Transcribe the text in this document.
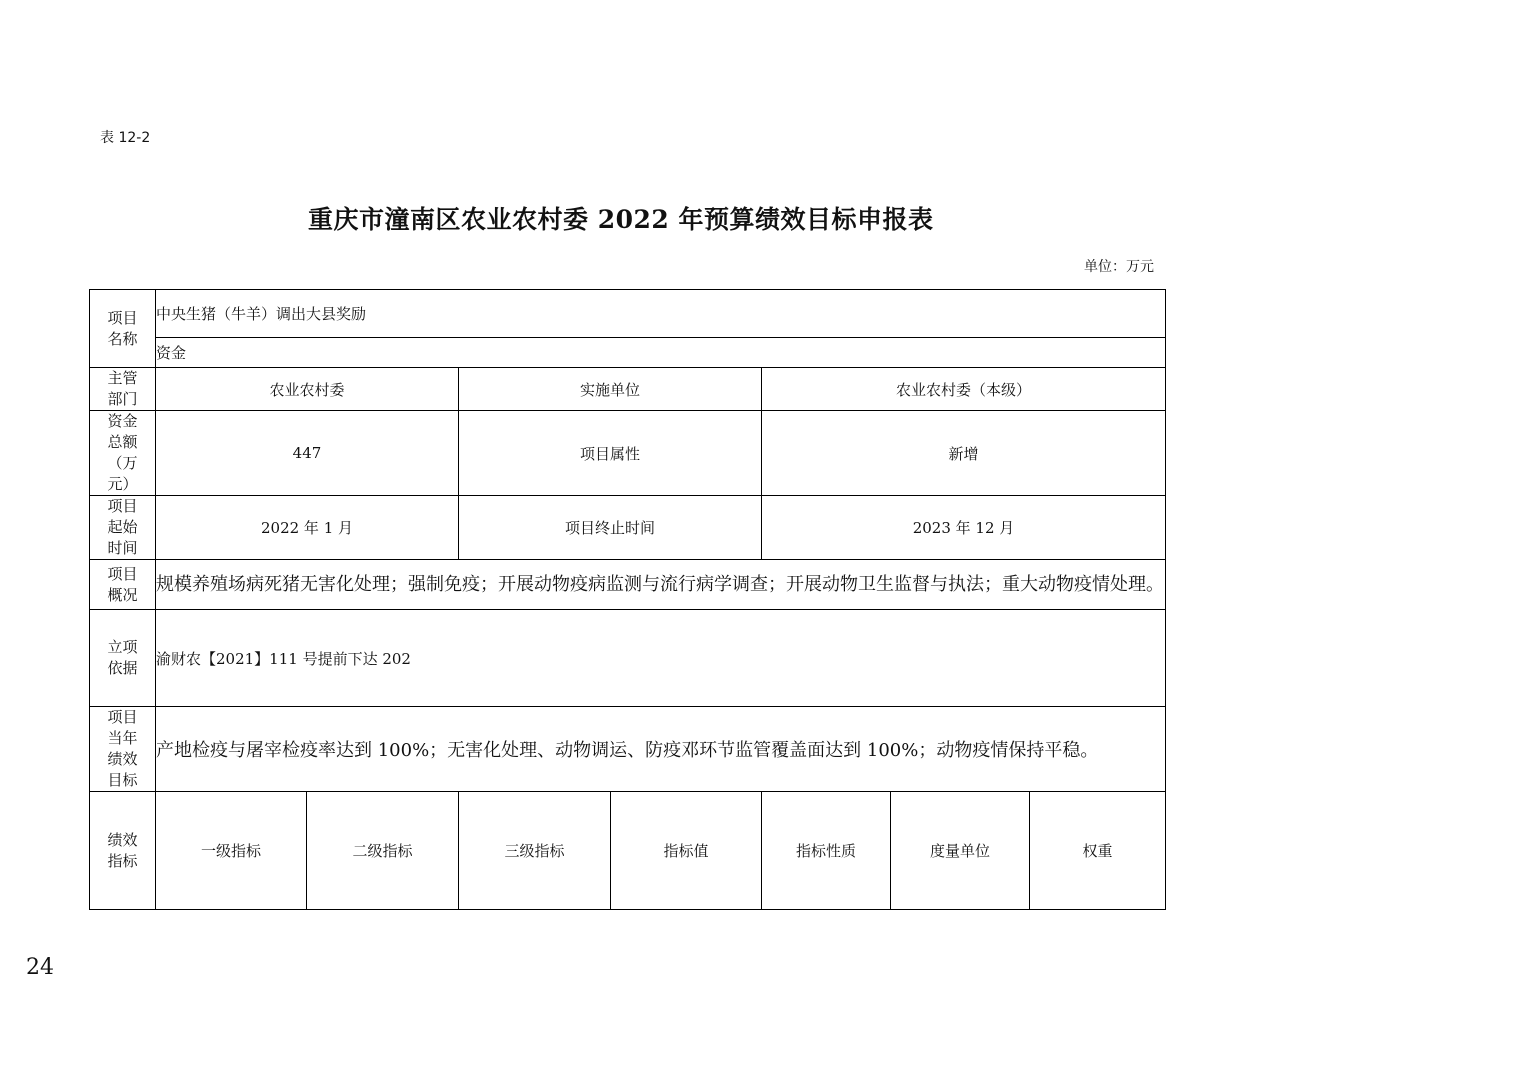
表 12-2
重庆市潼南区农业农村委 2022 年预算绩效目标申报表
单位：万元
项目
名称	中央生猪（牛羊）调出大县奖励						
	资金						
主管
部门	农业农村委		实施单位		农业农村委（本级）		
资金
总额
（万
元）	447		项目属性		新增		
项目
起始
时间	2022 年 1 月		项目终止时间		2023 年 12 月		
项目
概况	规模养殖场病死猪无害化处理；强制免疫；开展动物疫病监测与流行病学调查；开展动物卫生监督与执法；重大动物疫情处理。						
立项
依据	渝财农【2021】111 号提前下达 202						
项目
当年
绩效
目标	产地检疫与屠宰检疫率达到 100%；无害化处理、动物调运、防疫邓环节监管覆盖面达到 100%；动物疫情保持平稳。						
绩效
指标	一级指标	二级指标	三级指标	指标值	指标性质	度量单位	权重
24
